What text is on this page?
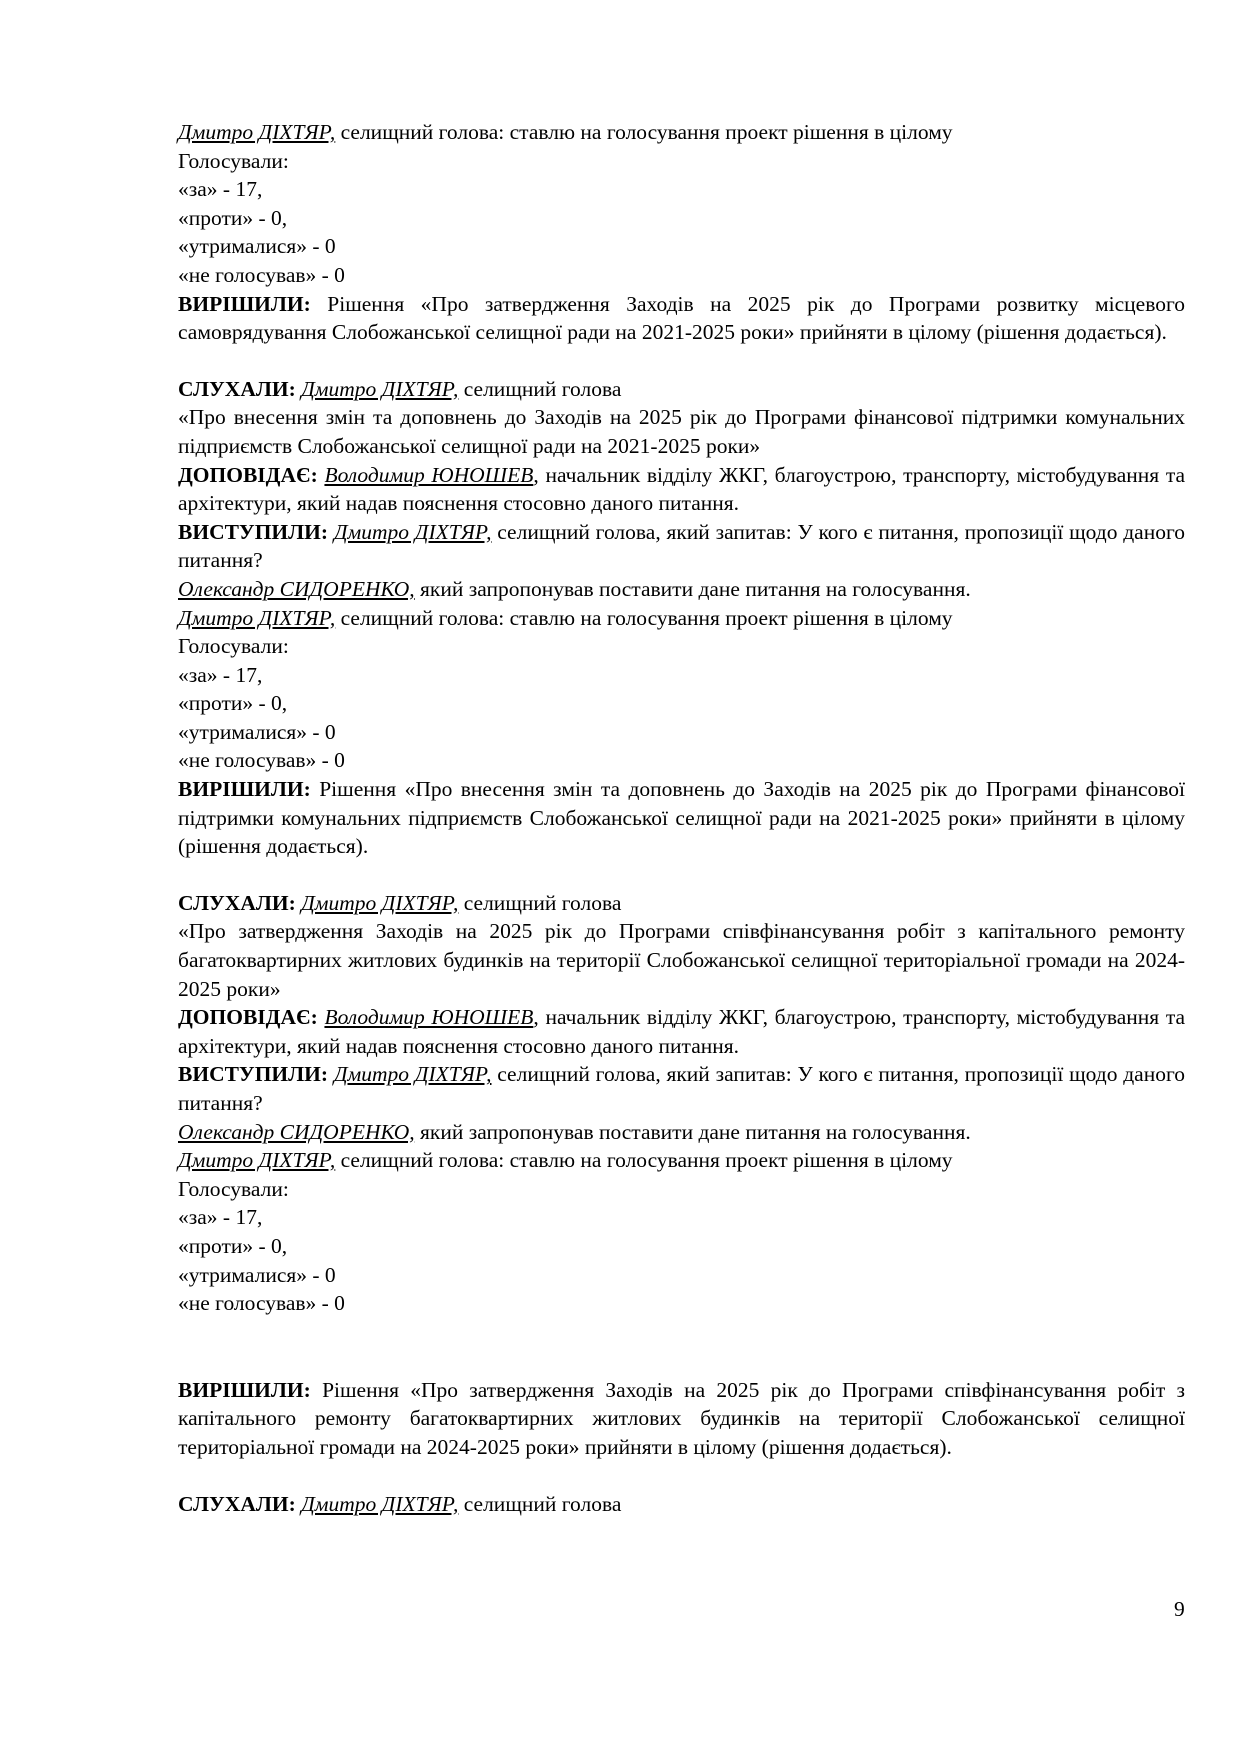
Дмитро ДІХТЯР, селищний голова: ставлю на голосування проект рішення в цілому
Голосували:
«за» - 17,
«проти» - 0,
«утрималися» - 0
«не голосував» - 0
ВИРІШИЛИ: Рішення «Про затвердження Заходів на 2025 рік до Програми розвитку місцевого самоврядування Слобожанської селищної ради на 2021-2025 роки» прийняти в цілому (рішення додається).
СЛУХАЛИ: Дмитро ДІХТЯР, селищний голова
«Про внесення змін та доповнень до Заходів на 2025 рік до Програми фінансової підтримки комунальних підприємств Слобожанської селищної ради на 2021-2025 роки»
ДОПОВІДАЄ: Володимир ЮНОШЕВ, начальник відділу ЖКГ, благоустрою, транспорту, містобудування та архітектури, який надав пояснення стосовно даного питання.
ВИСТУПИЛИ: Дмитро ДІХТЯР, селищний голова, який запитав: У кого є питання, пропозиції щодо даного питання?
Олександр СИДОРЕНКО, який запропонував поставити дане питання на голосування.
Дмитро ДІХТЯР, селищний голова: ставлю на голосування проект рішення в цілому
Голосували:
«за» - 17,
«проти» - 0,
«утрималися» - 0
«не голосував» - 0
ВИРІШИЛИ: Рішення «Про внесення змін та доповнень до Заходів на 2025 рік до Програми фінансової підтримки комунальних підприємств Слобожанської селищної ради на 2021-2025 роки» прийняти в цілому (рішення додається).
СЛУХАЛИ: Дмитро ДІХТЯР, селищний голова
«Про затвердження Заходів на 2025 рік до Програми співфінансування робіт з капітального ремонту багатоквартирних житлових будинків на території Слобожанської селищної територіальної громади на 2024-2025 роки»
ДОПОВІДАЄ: Володимир ЮНОШЕВ, начальник відділу ЖКГ, благоустрою, транспорту, містобудування та архітектури, який надав пояснення стосовно даного питання.
ВИСТУПИЛИ: Дмитро ДІХТЯР, селищний голова, який запитав: У кого є питання, пропозиції щодо даного питання?
Олександр СИДОРЕНКО, який запропонував поставити дане питання на голосування.
Дмитро ДІХТЯР, селищний голова: ставлю на голосування проект рішення в цілому
Голосували:
«за» - 17,
«проти» - 0,
«утрималися» - 0
«не голосував» - 0
ВИРІШИЛИ: Рішення «Про затвердження Заходів на 2025 рік до Програми співфінансування робіт з капітального ремонту багатоквартирних житлових будинків на території Слобожанської селищної територіальної громади на 2024-2025 роки» прийняти в цілому (рішення додається).
СЛУХАЛИ: Дмитро ДІХТЯР, селищний голова
9
